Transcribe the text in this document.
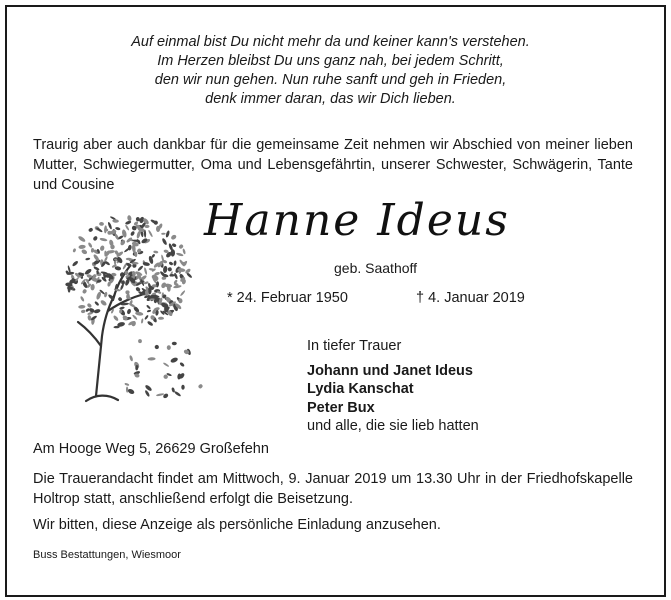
Auf einmal bist Du nicht mehr da und keiner kann's verstehen.
Im Herzen bleibst Du uns ganz nah, bei jedem Schritt,
den wir nun gehen. Nun ruhe sanft und geh in Frieden,
denk immer daran, das wir Dich lieben.
Traurig aber auch dankbar für die gemeinsame Zeit nehmen wir Abschied von meiner lieben Mutter, Schwiegermutter, Oma und Lebensgefährtin, unserer Schwester, Schwägerin, Tante und Cousine
Hanne Ideus
geb. Saathoff
* 24. Februar 1950	† 4. Januar 2019
In tiefer Trauer
Johann und Janet Ideus
Lydia Kanschat
Peter Bux
und alle, die sie lieb hatten
Am Hooge Weg 5, 26629 Großefehn
Die Trauerandacht findet am Mittwoch, 9. Januar 2019 um 13.30 Uhr in der Friedhofskapelle Holtrop statt, anschließend erfolgt die Beisetzung.
Wir bitten, diese Anzeige als persönliche Einladung anzusehen.
Buss Bestattungen, Wiesmoor
